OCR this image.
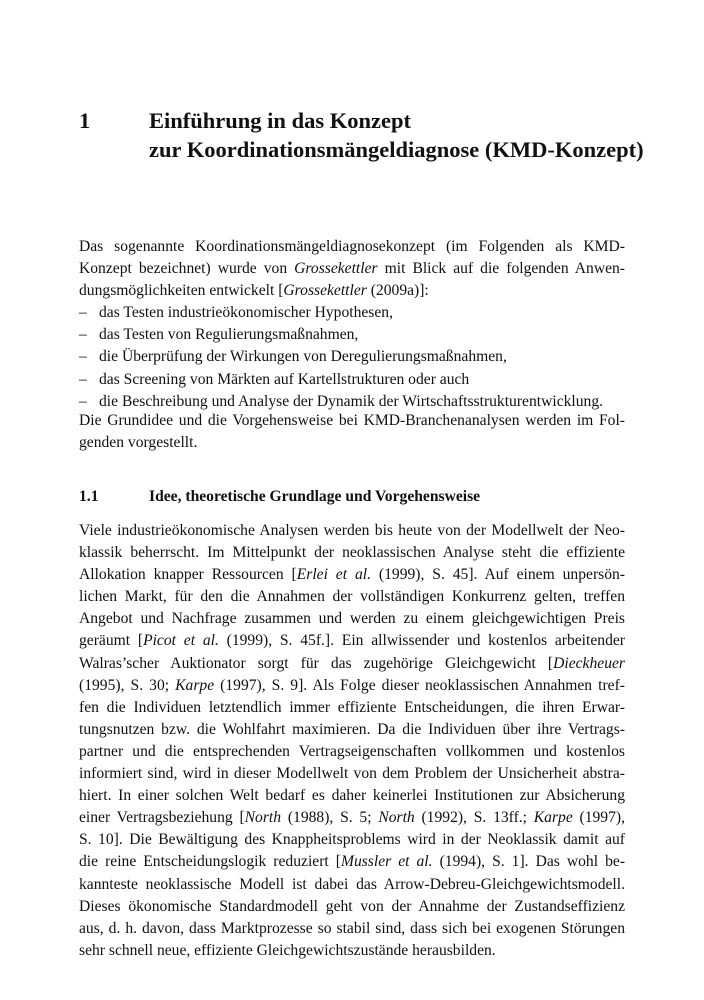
1	Einführung in das Konzept
zur Koordinationsmängeldiagnose (KMD-Konzept)
Das sogenannte Koordinationsmängeldiagnosekonzept (im Folgenden als KMD-
Konzept bezeichnet) wurde von Grossekettler mit Blick auf die folgenden Anwen-
dungsmöglichkeiten entwickelt [Grossekettler (2009a)]:
– das Testen industrieökonomischer Hypothesen,
– das Testen von Regulierungsmaßnahmen,
– die Überprüfung der Wirkungen von Deregulierungsmaßnahmen,
– das Screening von Märkten auf Kartellstrukturen oder auch
– die Beschreibung und Analyse der Dynamik der Wirtschaftsstrukturentwicklung.
Die Grundidee und die Vorgehensweise bei KMD-Branchenanalysen werden im Fol-
genden vorgestellt.
1.1	Idee, theoretische Grundlage und Vorgehensweise
Viele industrieökonomische Analysen werden bis heute von der Modellwelt der Neo-
klassik beherrscht. Im Mittelpunkt der neoklassischen Analyse steht die effiziente
Allokation knapper Ressourcen [Erlei et al. (1999), S. 45]. Auf einem unpersön-
lichen Markt, für den die Annahmen der vollständigen Konkurrenz gelten, treffen
Angebot und Nachfrage zusammen und werden zu einem gleichgewichtigen Preis
geräumt [Picot et al. (1999), S. 45f.]. Ein allwissender und kostenlos arbeitender
Walras’scher Auktionator sorgt für das zugehörige Gleichgewicht [Dieckheuer
(1995), S. 30; Karpe (1997), S. 9]. Als Folge dieser neoklassischen Annahmen tref-
fen die Individuen letztendlich immer effiziente Entscheidungen, die ihren Erwar-
tungsnutzen bzw. die Wohlfahrt maximieren. Da die Individuen über ihre Vertrags-
partner und die entsprechenden Vertragseigenschaften vollkommen und kostenlos
informiert sind, wird in dieser Modellwelt von dem Problem der Unsicherheit abstra-
hiert. In einer solchen Welt bedarf es daher keinerlei Institutionen zur Absicherung
einer Vertragsbeziehung [North (1988), S. 5; North (1992), S. 13ff.; Karpe (1997),
S. 10]. Die Bewältigung des Knappheitsproblems wird in der Neoklassik damit auf
die reine Entscheidungslogik reduziert [Mussler et al. (1994), S. 1]. Das wohl be-
kannteste neoklassische Modell ist dabei das Arrow-Debreu-Gleichgewichtsmodell.
Dieses ökonomische Standardmodell geht von der Annahme der Zustandseffizienz
aus, d. h. davon, dass Marktprozesse so stabil sind, dass sich bei exogenen Störungen
sehr schnell neue, effiziente Gleichgewichtszustände herausbilden.
